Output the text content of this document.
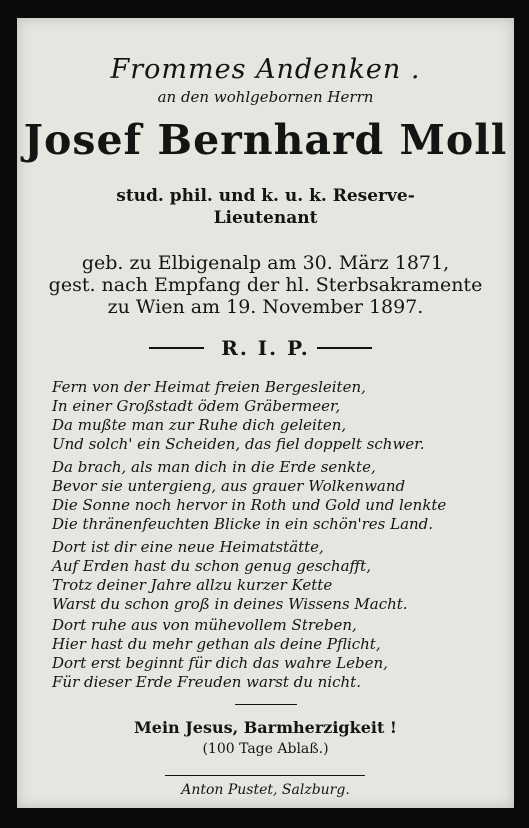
Frommes Andenken .
an den wohlgebornen Herrn
Josef Bernhard Moll
stud. phil. und k. u. k. Reserve-
Lieutenant
geb. zu Elbigenalp am 30. März 1871,
gest. nach Empfang der hl. Sterbsakramente
zu Wien am 19. November 1897.
R. I. P.
Fern von der Heimat freien Bergesleiten,
In einer Großstadt ödem Gräbermeer,
Da mußte man zur Ruhe dich geleiten,
Und solch' ein Scheiden, das fiel doppelt schwer.
Da brach, als man dich in die Erde senkte,
Bevor sie untergieng, aus grauer Wolkenwand
Die Sonne noch hervor in Roth und Gold und lenkte
Die thränenfeuchten Blicke in ein schön'res Land.
Dort ist dir eine neue Heimatstätte,
Auf Erden hast du schon genug geschafft,
Trotz deiner Jahre allzu kurzer Kette
Warst du schon groß in deines Wissens Macht.
Dort ruhe aus von mühevollem Streben,
Hier hast du mehr gethan als deine Pflicht,
Dort erst beginnt für dich das wahre Leben,
Für dieser Erde Freuden warst du nicht.
Mein Jesus, Barmherzigkeit !
(100 Tage Ablaß.)
Anton Pustet, Salzburg.
